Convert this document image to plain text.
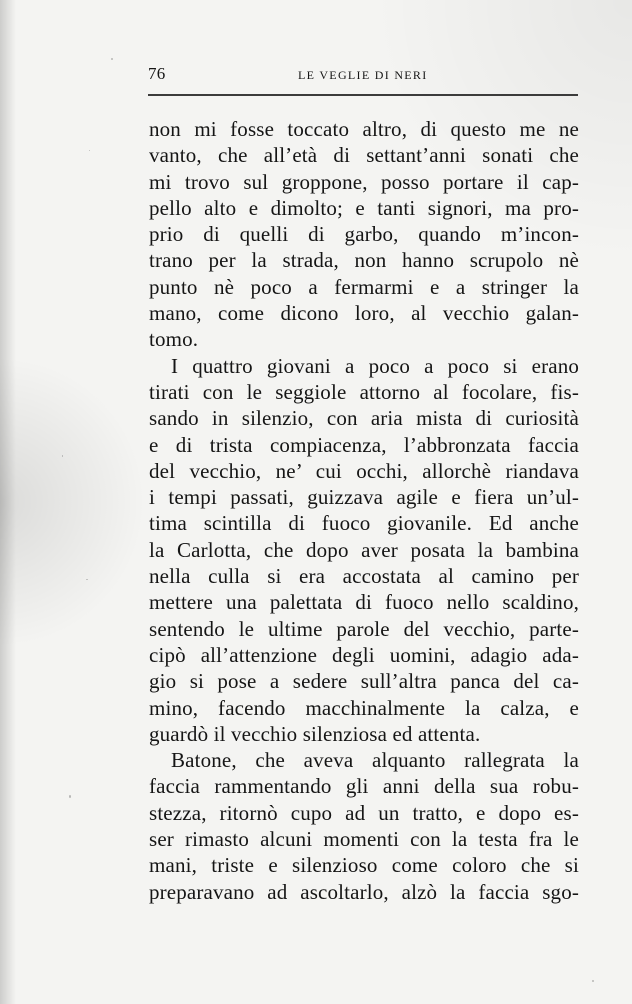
76	LE VEGLIE DI NERI
non mi fosse toccato altro, di questo me ne
vanto, che all’età di settant’anni sonati che
mi trovo sul groppone, posso portare il cap-
pello alto e dimolto; e tanti signori, ma pro-
prio di quelli di garbo, quando m’incon-
trano per la strada, non hanno scrupolo nè
punto nè poco a fermarmi e a stringer la
mano, come dicono loro, al vecchio galan-
tomo.
I quattro giovani a poco a poco si erano
tirati con le seggiole attorno al focolare, fis-
sando in silenzio, con aria mista di curiosità
e di trista compiacenza, l’abbronzata faccia
del vecchio, ne’ cui occhi, allorchè riandava
i tempi passati, guizzava agile e fiera un’ul-
tima scintilla di fuoco giovanile. Ed anche
la Carlotta, che dopo aver posata la bambina
nella culla si era accostata al camino per
mettere una palettata di fuoco nello scaldino,
sentendo le ultime parole del vecchio, parte-
cipò all’attenzione degli uomini, adagio ada-
gio si pose a sedere sull’altra panca del ca-
mino, facendo macchinalmente la calza, e
guardò il vecchio silenziosa ed attenta.
Batone, che aveva alquanto rallegrata la
faccia rammentando gli anni della sua robu-
stezza, ritornò cupo ad un tratto, e dopo es-
ser rimasto alcuni momenti con la testa fra le
mani, triste e silenzioso come coloro che si
preparavano ad ascoltarlo, alzò la faccia sgo-
